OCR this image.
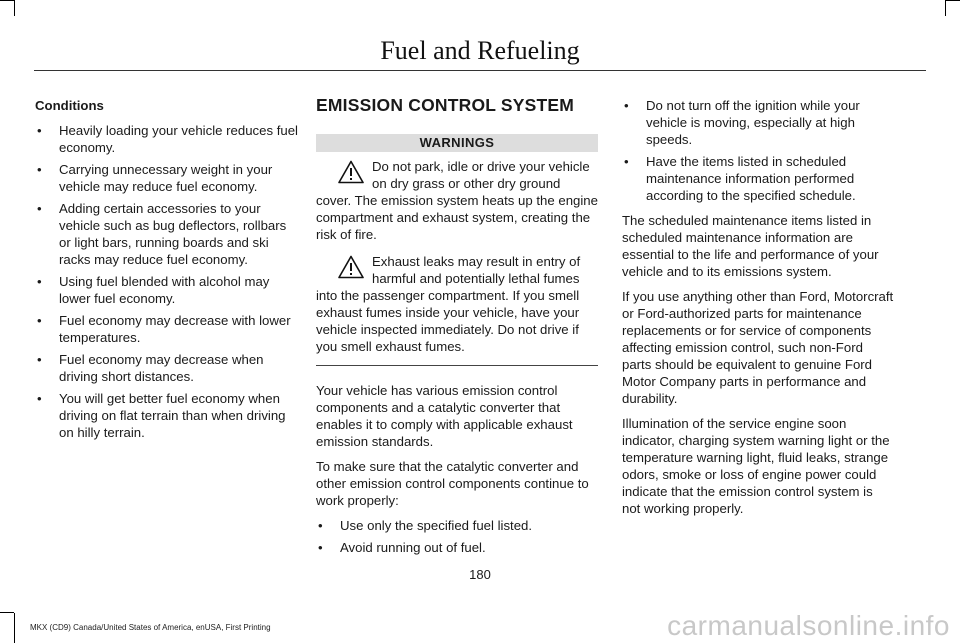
Fuel and Refueling
Conditions
• Heavily loading your vehicle reduces fuel economy.
• Carrying unnecessary weight in your vehicle may reduce fuel economy.
• Adding certain accessories to your vehicle such as bug deflectors, rollbars or light bars, running boards and ski racks may reduce fuel economy.
• Using fuel blended with alcohol may lower fuel economy.
• Fuel economy may decrease with lower temperatures.
• Fuel economy may decrease when driving short distances.
• You will get better fuel economy when driving on flat terrain than when driving on hilly terrain.
EMISSION CONTROL SYSTEM
WARNINGS

Do not park, idle or drive your vehicle on dry grass or other dry ground cover. The emission system heats up the engine compartment and exhaust system, creating the risk of fire.

Exhaust leaks may result in entry of harmful and potentially lethal fumes into the passenger compartment. If you smell exhaust fumes inside your vehicle, have your vehicle inspected immediately. Do not drive if you smell exhaust fumes.

Your vehicle has various emission control components and a catalytic converter that enables it to comply with applicable exhaust emission standards.

To make sure that the catalytic converter and other emission control components continue to work properly:

• Use only the specified fuel listed.
• Avoid running out of fuel.
• Do not turn off the ignition while your vehicle is moving, especially at high speeds.
• Have the items listed in scheduled maintenance information performed according to the specified schedule.

The scheduled maintenance items listed in scheduled maintenance information are essential to the life and performance of your vehicle and to its emissions system.

If you use anything other than Ford, Motorcraft or Ford-authorized parts for maintenance replacements or for service of components affecting emission control, such non-Ford parts should be equivalent to genuine Ford Motor Company parts in performance and durability.

Illumination of the service engine soon indicator, charging system warning light or the temperature warning light, fluid leaks, strange odors, smoke or loss of engine power could indicate that the emission control system is not working properly.

180
MKX (CD9) Canada/United States of America, enUSA, First Printing	carmanualsonline.info
